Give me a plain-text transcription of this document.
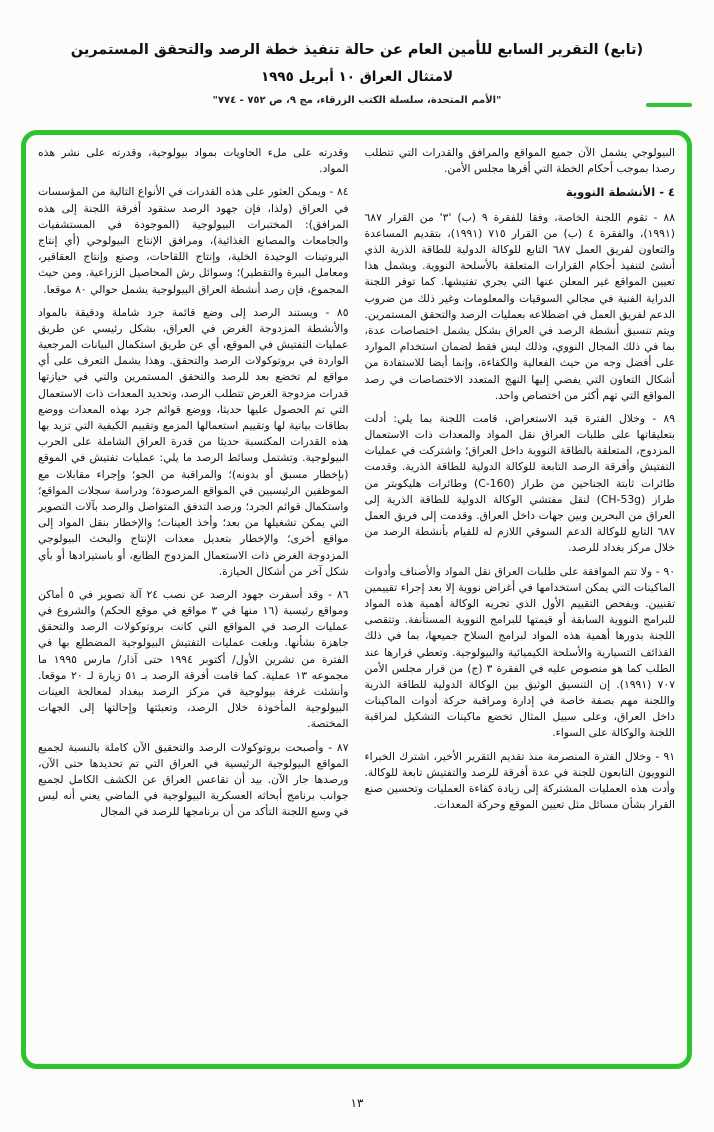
(تابع) التقرير السابع للأمين العام عن حالة تنفيذ خطة الرصد والتحقق المستمرين
لامتثال العراق ١٠ أبريل ١٩٩٥
"الأمم المتحدة، سلسلة الكتب الزرقاء، مج ٩، ص ٧٥٢ - ٧٧٤"

البيولوجي يشمل الآن جميع المواقع والمرافق والقدرات التي تتطلب رصدا بموجب أحكام الخطة التي أقرها مجلس الأمن.

٤ - الأنشطة النووية

٨٨ - تقوم اللجنة الخاصة، وفقا للفقرة ٩ (ب) '٣' من القرار ٦٨٧ (١٩٩١)، والفقرة ٤ (ب) من القرار ٧١٥ (١٩٩١)، بتقديم المساعدة والتعاون لفريق العمل ٦٨٧ التابع للوكالة الدولية للطاقة الذرية الذي أنشئ لتنفيذ أحكام القرارات المتعلقة بالأسلحة النووية. ويشمل هذا تعيين المواقع غير المعلن عنها التي يجري تفتيشها. كما توفر اللجنة الدراية الفنية في مجالي السوقيات والمعلومات وغير ذلك من ضروب الدعم لفريق العمل في اضطلاعه بعمليات الرصد والتحقق المستمرين. ويتم تنسيق أنشطة الرصد في العراق بشكل يشمل اختصاصات عدة، بما في ذلك المجال النووي، وذلك ليس فقط لضمان استخدام الموارد على أفضل وجه من حيث الفعالية والكفاءة، وإنما أيضا للاستفادة من أشكال التعاون التي يفضي إليها النهج المتعدد الاختصاصات في رصد المواقع التي تهم أكثر من اختصاص واحد.

٨٩ - وخلال الفترة قيد الاستعراض، قامت اللجنة بما يلي: أدلت بتعليقاتها على طلبات العراق نقل المواد والمعدات ذات الاستعمال المزدوج، المتعلقة بالطاقة النووية داخل العراق؛ واشتركت في عمليات التفتيش وأفرقة الرصد التابعة للوكالة الدولية للطاقة الذرية. وقدمت طائرات ثابتة الجناحين من طراز (C-160) وطائرات هليكوبتر من طراز (CH-53g) لنقل مفتشي الوكالة الدولية للطاقة الذرية إلى العراق من البحرين وبين جهات داخل العراق. وقدمت إلى فريق العمل ٦٨٧ التابع للوكالة الدعم السوقي اللازم له للقيام بأنشطة الرصد من خلال مركز بغداد للرصد.

٩٠ - ولا تتم الموافقة على طلبات العراق نقل المواد والأصناف وأدوات الماكينات التي يمكن استخدامها في أغراض نووية إلا بعد إجراء تقييمين تقنيين. ويفحص التقييم الأول الذي تجريه الوكالة أهمية هذه المواد للبرامج النووية السابقة أو قيمتها للبرامج النووية المستأنفة. وتتقصى اللجنة بدورها أهمية هذه المواد لبرامج السلاح جميعها، بما في ذلك القذائف التسيارية والأسلحة الكيميائية والبيولوجية. وتعطي قرارها عند الطلب كما هو منصوص عليه في الفقرة ٣ (ج) من قرار مجلس الأمن ٧٠٧ (١٩٩١). إن التنسيق الوثيق بين الوكالة الدولية للطاقة الذرية واللجنة مهم بصفة خاصة في إدارة ومراقبة حركة أدوات الماكينات داخل العراق، وعلى سبيل المثال تخضع ماكينات التشكيل لمراقبة اللجنة والوكالة على السواء.

٩١ - وخلال الفترة المنصرمة منذ تقديم التقرير الأخير، اشترك الخبراء النوويون التابعون للجنة في عدة أفرقة للرصد والتفتيش تابعة للوكالة. وأدت هذه العمليات المشتركة إلى زيادة كفاءة العمليات وتحسين صنع القرار بشأن مسائل مثل تعيين الموقع وحركة المعدات.

وقدرته على ملء الحاويات بمواد بيولوجية، وقدرته على نشر هذه المواد.

٨٤ - ويمكن العثور على هذه القدرات في الأنواع التالية من المؤسسات في العراق (ولذا، فإن جهود الرصد ستقود أفرقة اللجنة إلى هذه المرافق): المختبرات البيولوجية (الموجودة في المستشفيات والجامعات والمصانع الغذائية)، ومرافق الإنتاج البيولوجي (أي إنتاج البروتينات الوحيدة الخلية، وإنتاج اللقاحات، وصنع وإنتاج العقاقير، ومعامل البيرة والتقطير)؛ وسوائل رش المحاصيل الزراعية. ومن حيث المجموع، فإن رصد أنشطة العراق البيولوجية يشمل حوالي ٨٠ موقعا.

٨٥ - ويستند الرصد إلى وضع قائمة جرد شاملة ودقيقة بالمواد والأنشطة المزدوجة الغرض في العراق، بشكل رئيسي عن طريق عمليات التفتيش في الموقع، أي عن طريق استكمال البيانات المرجعية الواردة في بروتوكولات الرصد والتحقق. وهذا يشمل التعرف على أي مواقع لم تخضع بعد للرصد والتحقق المستمرين والتي في حيازتها قدرات مزدوجة الغرض تتطلب الرصد، وتحديد المعدات ذات الاستعمال التي تم الحصول عليها حديثا، ووضع قوائم جرد بهذه المعدات ووضع بطاقات بيانية لها وتقييم استعمالها المزمع وتقييم الكيفية التي تزيد بها هذه القدرات المكتسبة حديثا من قدرة العراق الشاملة على الحرب البيولوجية. وتشتمل وسائط الرصد ما يلي: عمليات تفتيش في الموقع (بإخطار مسبق أو بدونه)؛ والمراقبة من الجو؛ وإجراء مقابلات مع الموظفين الرئيسيين في المواقع المرصودة؛ ودراسة سجلات المواقع؛ واستكمال قوائم الجرد؛ ورصد التدفق المتواصل والرصد بآلات التصوير التي يمكن تشغيلها من بعد؛ وأخذ العينات؛ والإخطار بنقل المواد إلى مواقع أخرى؛ والإخطار بتعديل معدات الإنتاج والبحث البيولوجي المزدوجة الغرض ذات الاستعمال المزدوج الطابع، أو باستيرادها أو بأي شكل آخر من أشكال الحيازة.

٨٦ - وقد أسفرت جهود الرصد عن نصب ٢٤ آلة تصوير في ٥ أماكن ومواقع رئيسية (١٦ منها في ٣ مواقع في موقع الحكم) والشروع في عمليات الرصد في المواقع التي كانت بروتوكولات الرصد والتحقق جاهزة بشأنها. وبلغت عمليات التفتيش البيولوجية المضطلع بها في الفترة من تشرين الأول/ أكتوبر ١٩٩٤ حتى آذار/ مارس ١٩٩٥ ما مجموعه ١٣ عملية. كما قامت أفرقة الرصد بـ ٥١ زيارة لـ ٢٠ موقعا. وأنشئت غرفة بيولوجية في مركز الرصد ببغداد لمعالجة العينات البيولوجية المأخوذة خلال الرصد، وتعبئتها وإحالتها إلى الجهات المختصة.

٨٧ - وأصبحت بروتوكولات الرصد والتحقيق الآن كاملة بالنسبة لجميع المواقع البيولوجية الرئيسية في العراق التي تم تحديدها حتى الآن، ورصدها جار الآن. بيد أن تقاعس العراق عن الكشف الكامل لجميع جوانب برنامج أبحاثه العسكرية البيولوجية في الماضي يعني أنه ليس في وسع اللجنة التأكد من أن برنامجها للرصد في المجال

١٣
